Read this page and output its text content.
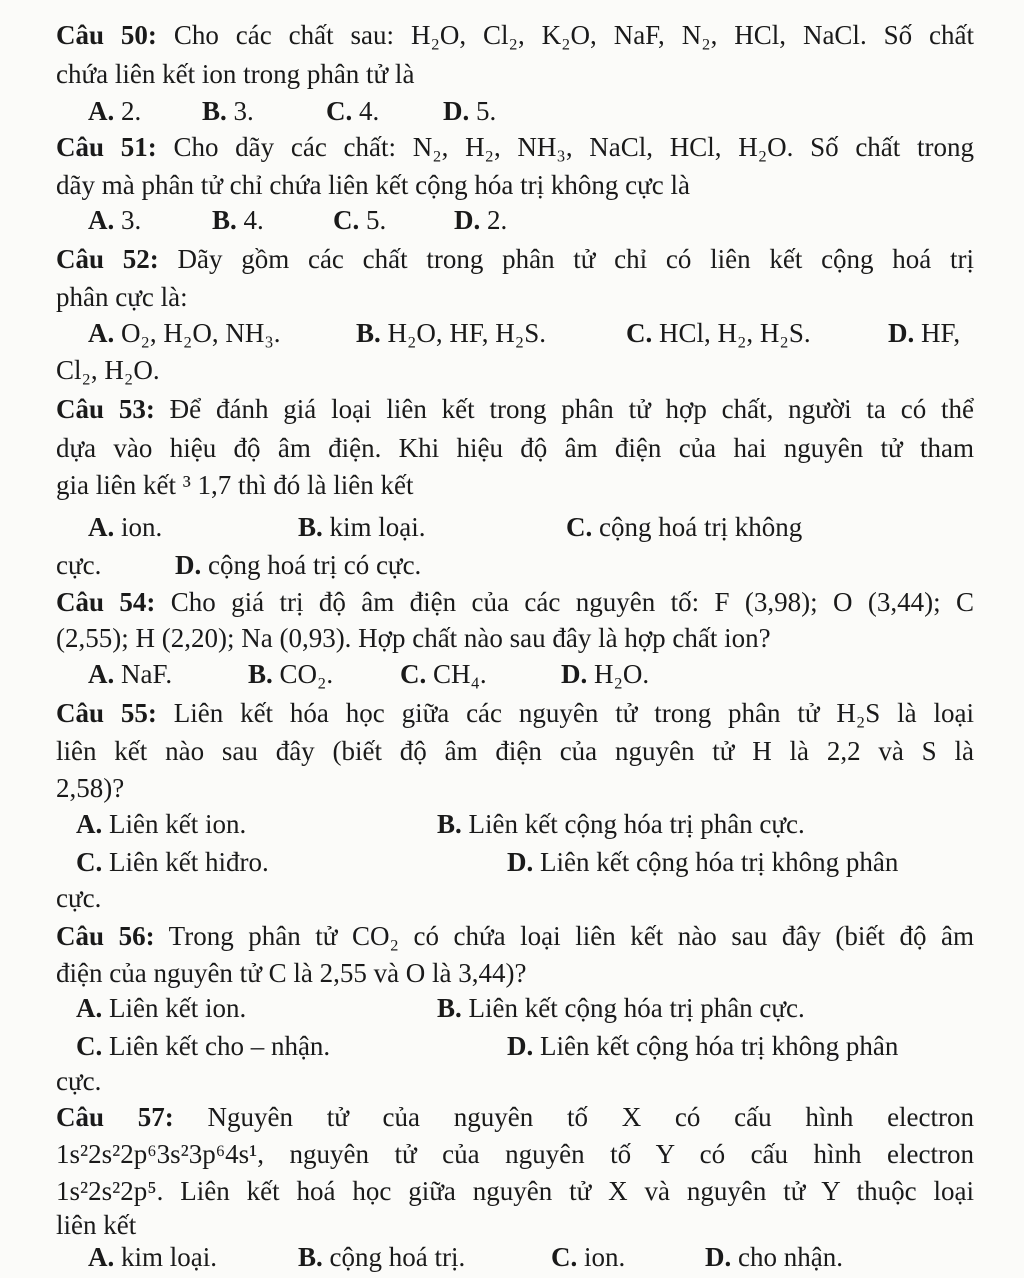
Câu 50: Cho các chất sau: H₂O, Cl₂, K₂O, NaF, N₂, HCl, NaCl. Số chất
chứa liên kết ion trong phân tử là
A. 2. B. 3.	C. 4. D. 5.
Câu 51: Cho dãy các chất: N₂, H₂, NH₃, NaCl, HCl, H₂O. Số chất trong
dãy mà phân tử chỉ chứa liên kết cộng hóa trị không cực là
A. 3.	B. 4.	C. 5.	D. 2.
Câu 52: Dãy gồm các chất trong phân tử chỉ có liên kết cộng hoá trị
phân cực là:
A. O₂, H₂O, NH₃.	B. H₂O, HF, H₂S.	C. HCl, H₂, H₂S.	D. HF,
Cl₂, H₂O.
Câu 53: Để đánh giá loại liên kết trong phân tử hợp chất, người ta có thể
dựa vào hiệu độ âm điện. Khi hiệu độ âm điện của hai nguyên tử tham
gia liên kết ³ 1,7 thì đó là liên kết
A. ion.	B. kim loại.	C. cộng hoá trị không
cực.	D. cộng hoá trị có cực.
Câu 54: Cho giá trị độ âm điện của các nguyên tố: F (3,98); O (3,44); C
(2,55); H (2,20); Na (0,93). Hợp chất nào sau đây là hợp chất ion?
A. NaF.	B. CO₂. C. CH₄.	D. H₂O.
Câu 55: Liên kết hóa học giữa các nguyên tử trong phân tử H₂S là loại
liên kết nào sau đây (biết độ âm điện của nguyên tử H là 2,2 và S là
2,58)?
A. Liên kết ion.	B. Liên kết cộng hóa trị phân cực.
C. Liên kết hiđro.	D. Liên kết cộng hóa trị không phân
cực.
Câu 56: Trong phân tử CO₂ có chứa loại liên kết nào sau đây (biết độ âm
điện của nguyên tử C là 2,55 và O là 3,44)?
A. Liên kết ion.	B. Liên kết cộng hóa trị phân cực.
C. Liên kết cho – nhận.	D. Liên kết cộng hóa trị không phân
cực.
Câu 57: Nguyên tử của nguyên tố X có cấu hình electron
1s²2s²2p⁶3s²3p⁶4s¹, nguyên tử của nguyên tố Y có cấu hình electron
1s²2s²2p⁵. Liên kết hoá học giữa nguyên tử X và nguyên tử Y thuộc loại
liên kết
A. kim loại.	B. cộng hoá trị.	C. ion.	D. cho nhận.
